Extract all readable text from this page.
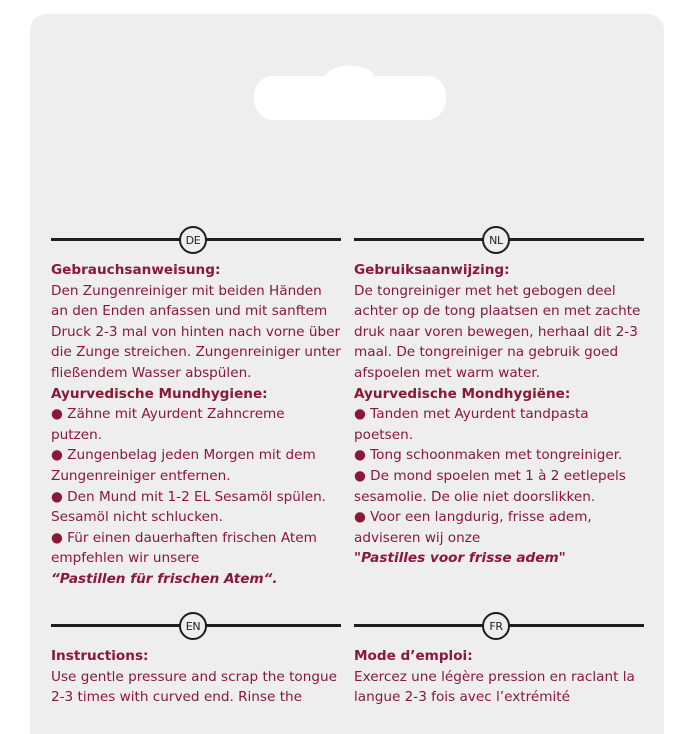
DE
Gebrauchsanweisung:
Den Zungenreiniger mit beiden Händen
an den Enden anfassen und mit sanftem
Druck 2-3 mal von hinten nach vorne über
die Zunge streichen. Zungenreiniger unter
fließendem Wasser abspülen.
Ayurvedische Mundhygiene:
● Zähne mit Ayurdent Zahncreme
putzen.
● Zungenbelag jeden Morgen mit dem
Zungenreiniger entfernen.
● Den Mund mit 1-2 EL Sesamöl spülen.
Sesamöl nicht schlucken.
● Für einen dauerhaften frischen Atem
empfehlen wir unsere
“Pastillen für frischen Atem“.
NL
Gebruiksaanwijzing:
De tongreiniger met het gebogen deel
achter op de tong plaatsen en met zachte
druk naar voren bewegen, herhaal dit 2-3
maal. De tongreiniger na gebruik goed
afspoelen met warm water.
Ayurvedische Mondhygiëne:
● Tanden met Ayurdent tandpasta
poetsen.
● Tong schoonmaken met tongreiniger.
● De mond spoelen met 1 à 2 eetlepels
sesamolie. De olie niet doorslikken.
● Voor een langdurig, frisse adem,
adviseren wij onze
"Pastilles voor frisse adem"
EN
Instructions:
Use gentle pressure and scrap the tongue
2-3 times with curved end. Rinse the
FR
Mode d’emploi:
Exercez une légère pression en raclant la
langue 2-3 fois avec l’extrémité
